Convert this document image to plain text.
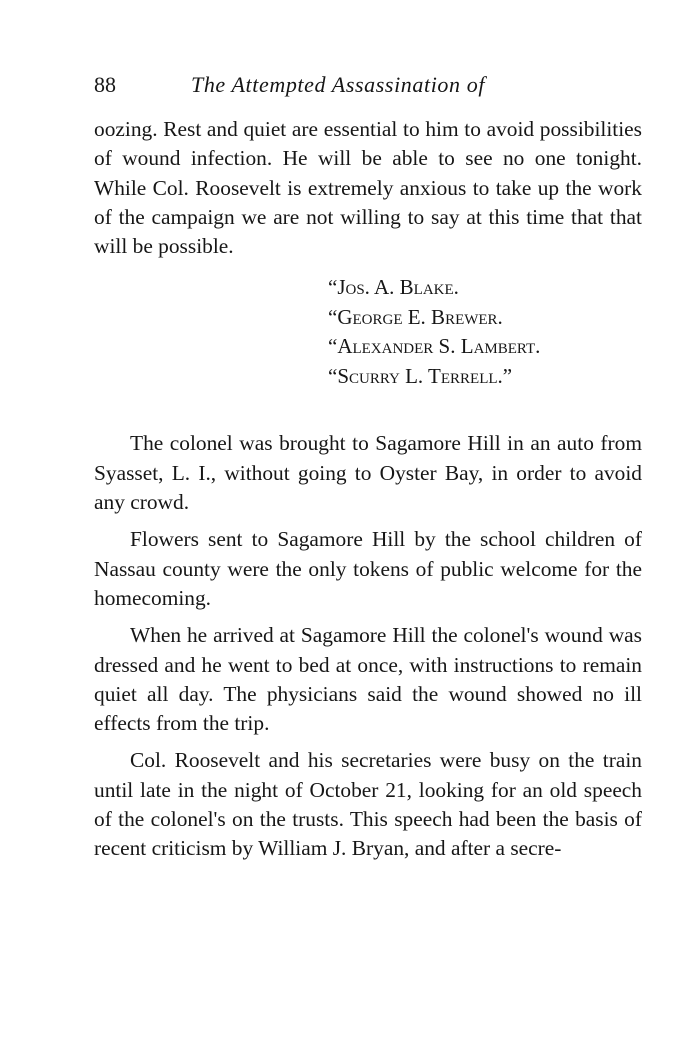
88	The Attempted Assassination of

oozing. Rest and quiet are essential to him to avoid possibilities of wound infection. He will be able to see no one tonight. While Col. Roosevelt is extremely anxious to take up the work of the campaign we are not willing to say at this time that that will be possible.

“Jos. A. Blake.
“George E. Brewer.
“Alexander S. Lambert.
“Scurry L. Terrell.”

The colonel was brought to Sagamore Hill in an auto from Syasset, L. I., without going to Oyster Bay, in order to avoid any crowd.

Flowers sent to Sagamore Hill by the school children of Nassau county were the only tokens of public welcome for the homecoming.

When he arrived at Sagamore Hill the colonel's wound was dressed and he went to bed at once, with instructions to remain quiet all day. The physicians said the wound showed no ill effects from the trip.

Col. Roosevelt and his secretaries were busy on the train until late in the night of October 21, looking for an old speech of the colonel's on the trusts. This speech had been the basis of recent criticism by William J. Bryan, and after a secre-
